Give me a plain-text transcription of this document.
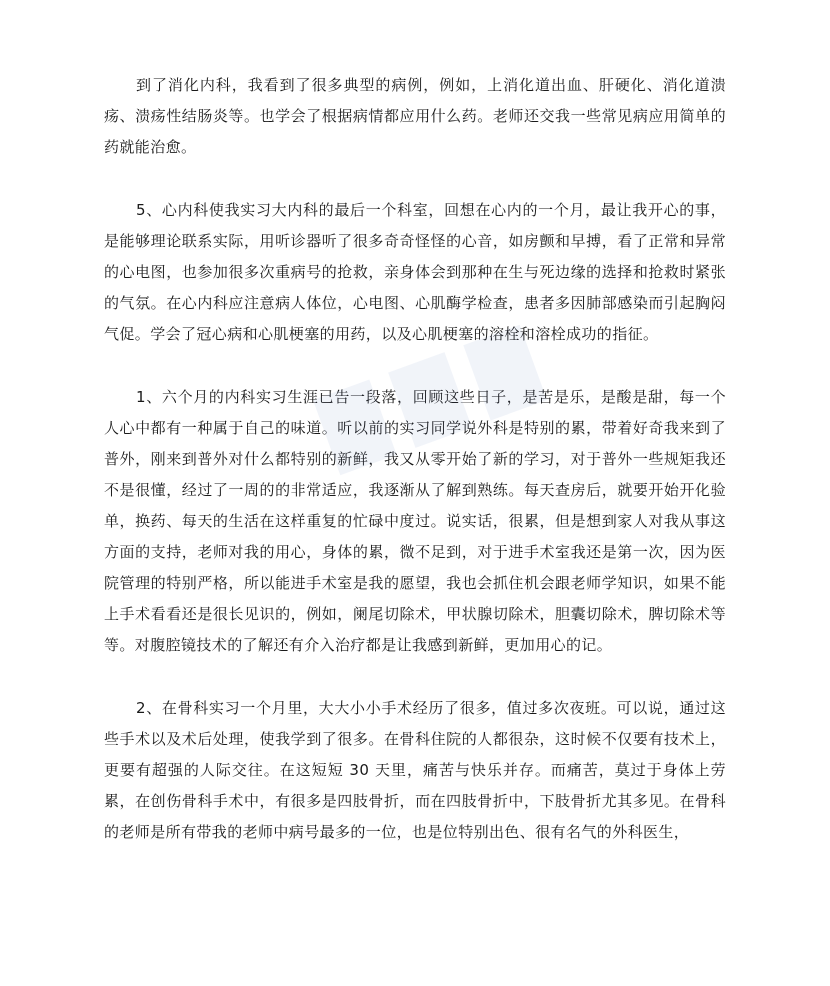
到了消化内科，我看到了很多典型的病例，例如，上消化道出血、肝硬化、消化道溃疡、溃疡性结肠炎等。也学会了根据病情都应用什么药。老师还交我一些常见病应用简单的药就能治愈。

5、心内科使我实习大内科的最后一个科室，回想在心内的一个月，最让我开心的事，是能够理论联系实际，用听诊器听了很多奇奇怪怪的心音，如房颤和早搏，看了正常和异常的心电图，也参加很多次重病号的抢救，亲身体会到那种在生与死边缘的选择和抢救时紧张的气氛。在心内科应注意病人体位，心电图、心肌酶学检查，患者多因肺部感染而引起胸闷气促。学会了冠心病和心肌梗塞的用药，以及心肌梗塞的溶栓和溶栓成功的指征。

1、六个月的内科实习生涯已告一段落，回顾这些日子，是苦是乐，是酸是甜，每一个人心中都有一种属于自己的味道。听以前的实习同学说外科是特别的累，带着好奇我来到了普外，刚来到普外对什么都特别的新鲜，我又从零开始了新的学习，对于普外一些规矩我还不是很懂，经过了一周的的非常适应，我逐渐从了解到熟练。每天查房后，就要开始开化验单，换药、每天的生活在这样重复的忙碌中度过。说实话，很累，但是想到家人对我从事这方面的支持，老师对我的用心，身体的累，微不足到，对于进手术室我还是第一次，因为医院管理的特别严格，所以能进手术室是我的愿望，我也会抓住机会跟老师学知识，如果不能上手术看看还是很长见识的，例如，阑尾切除术，甲状腺切除术，胆囊切除术，脾切除术等等。对腹腔镜技术的了解还有介入治疗都是让我感到新鲜，更加用心的记。

2、在骨科实习一个月里，大大小小手术经历了很多，值过多次夜班。可以说，通过这些手术以及术后处理，使我学到了很多。在骨科住院的人都很杂，这时候不仅要有技术上，更要有超强的人际交往。在这短短 30 天里，痛苦与快乐并存。而痛苦，莫过于身体上劳累，在创伤骨科手术中，有很多是四肢骨折，而在四肢骨折中，下肢骨折尤其多见。在骨科的老师是所有带我的老师中病号最多的一位，也是位特别出色、很有名气的外科医生，
